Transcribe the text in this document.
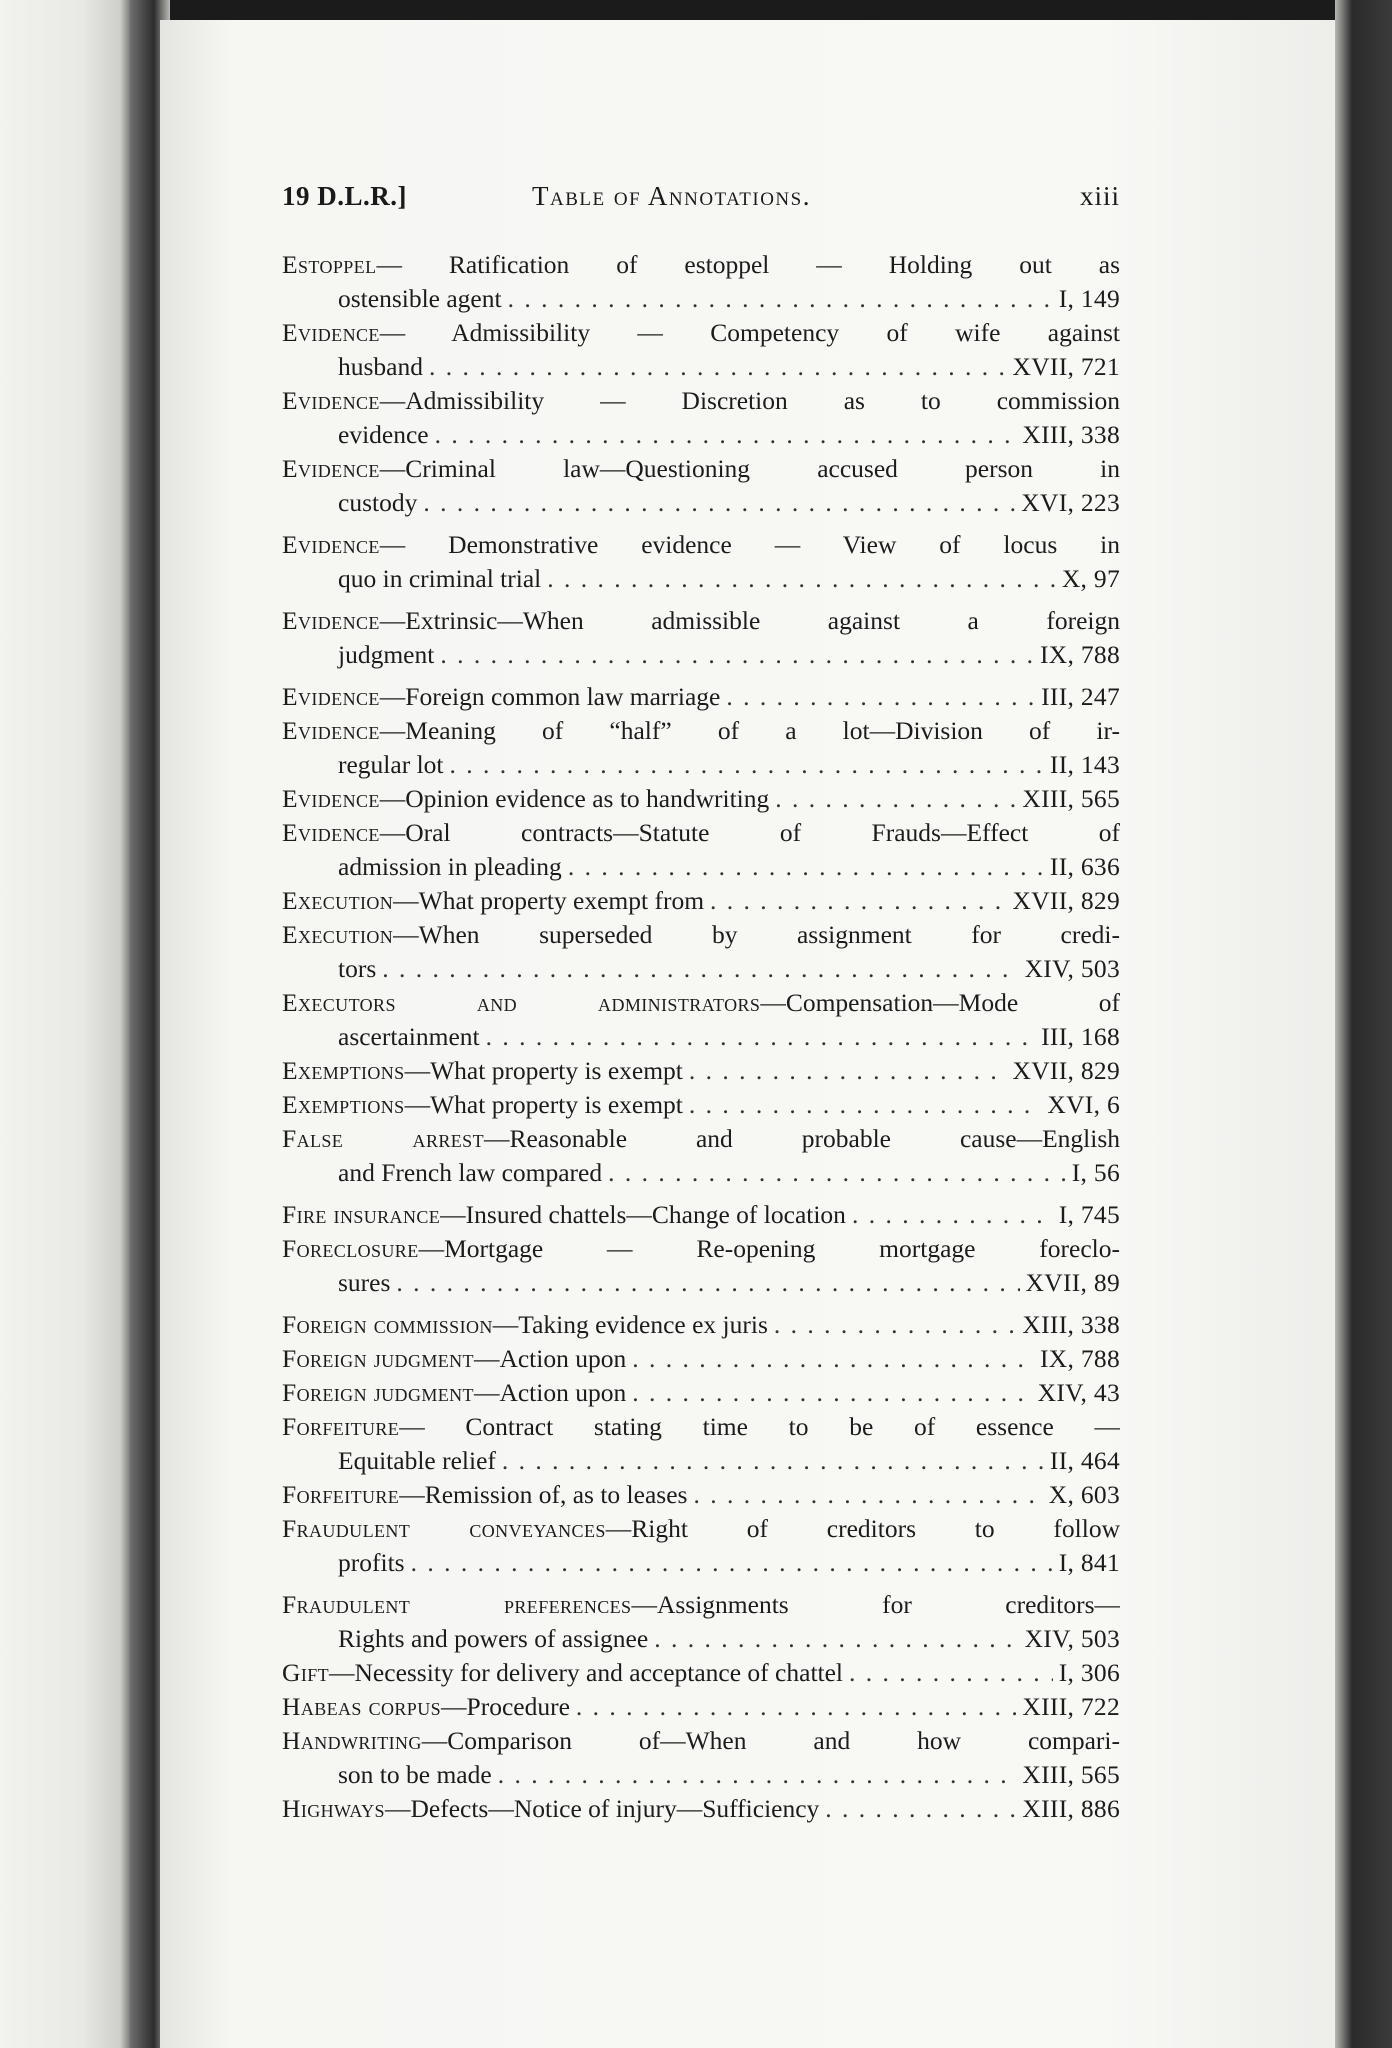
19 D.L.R.]	Table of Annotations.	xiii
Estoppel— Ratification of estoppel — Holding out as
ostensible agent . . .	I, 149
Evidence— Admissibility — Competency of wife against
husband . . .	XVII, 721
Evidence—Admissibility — Discretion as to commission
evidence . . .	XIII, 338
Evidence—Criminal law—Questioning accused person in
custody . . .	XVI, 223
Evidence— Demonstrative evidence — View of locus in
quo in criminal trial . . .	X, 97
Evidence—Extrinsic—When admissible against a foreign
judgment . . .	IX, 788
Evidence—Foreign common law marriage . . .	III, 247
Evidence—Meaning of “half” of a lot—Division of ir-
regular lot . . .	II, 143
Evidence—Opinion evidence as to handwriting . . .	XIII, 565
Evidence—Oral contracts—Statute of Frauds—Effect of
admission in pleading . . .	II, 636
Execution—What property exempt from . . .	XVII, 829
Execution—When superseded by assignment for credi-
tors . . .	XIV, 503
Executors and administrators—Compensation—Mode of
ascertainment . . .	III, 168
Exemptions—What property is exempt . . .	XVII, 829
Exemptions—What property is exempt . . .	XVI, 6
False arrest—Reasonable and probable cause—English
and French law compared . . .	I, 56
Fire insurance—Insured chattels—Change of location . . .	I, 745
Foreclosure—Mortgage — Re-opening mortgage foreclo-
sures . . .	XVII, 89
Foreign commission—Taking evidence ex juris . . .	XIII, 338
Foreign judgment—Action upon . . .	IX, 788
Foreign judgment—Action upon . . .	XIV, 43
Forfeiture— Contract stating time to be of essence —
Equitable relief . . .	II, 464
Forfeiture—Remission of, as to leases . . .	X, 603
Fraudulent conveyances—Right of creditors to follow
profits . . .	I, 841
Fraudulent preferences—Assignments for creditors—
Rights and powers of assignee . . .	XIV, 503
Gift—Necessity for delivery and acceptance of chattel . . .	I, 306
Habeas corpus—Procedure . . .	XIII, 722
Handwriting—Comparison of—When and how compari-
son to be made . . .	XIII, 565
Highways—Defects—Notice of injury—Sufficiency . . .	XIII, 886
